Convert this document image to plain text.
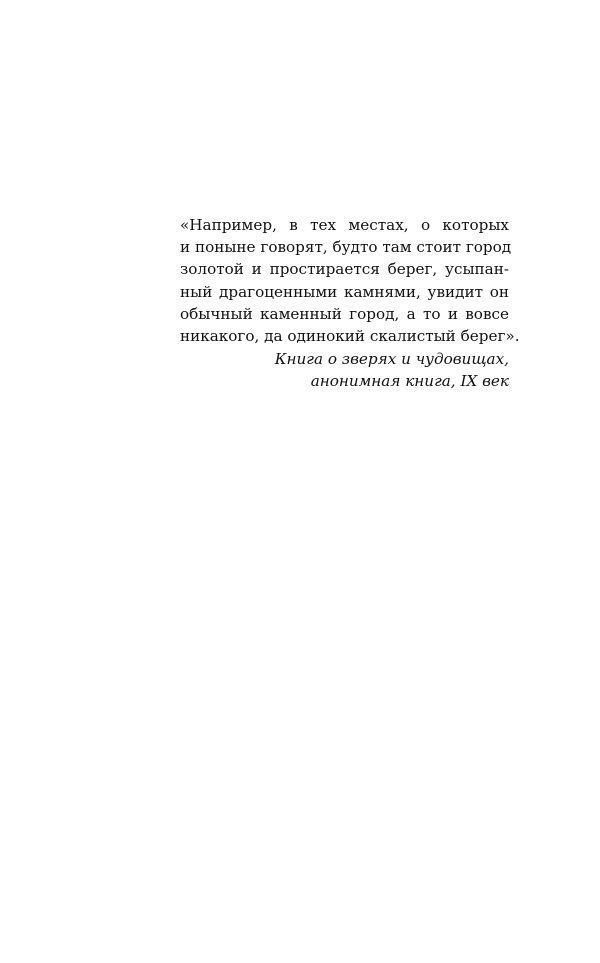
«Например, в тех местах, о которых
и поныне говорят, будто там стоит город
золотой и простирается берег, усыпан-
ный драгоценными камнями, увидит он
обычный каменный город, а то и вовсе
никакого, да одинокий скалистый берег».
Книга о зверях и чудовищах,
анонимная книга, IX век
